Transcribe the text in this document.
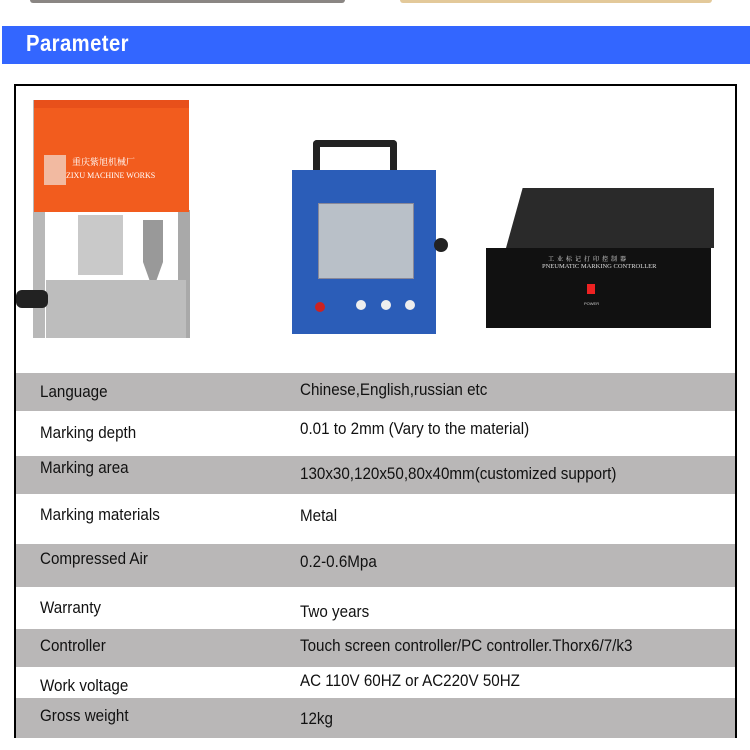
Parameter
重庆紫旭机械厂
ZIXU MACHINE WORKS
工业标记打印控制器
PNEUMATIC MARKING CONTROLLER
POWER
Language	Chinese,English,russian etc
Marking depth	0.01 to 2mm (Vary to the material)
Marking area	130x30,120x50,80x40mm(customized support)
Marking materials	Metal
Compressed Air	0.2-0.6Mpa
Warranty	Two years
Controller	Touch screen controller/PC controller.Thorx6/7/k3
Work voltage	AC 110V 60HZ or AC220V 50HZ
Gross weight	12kg
